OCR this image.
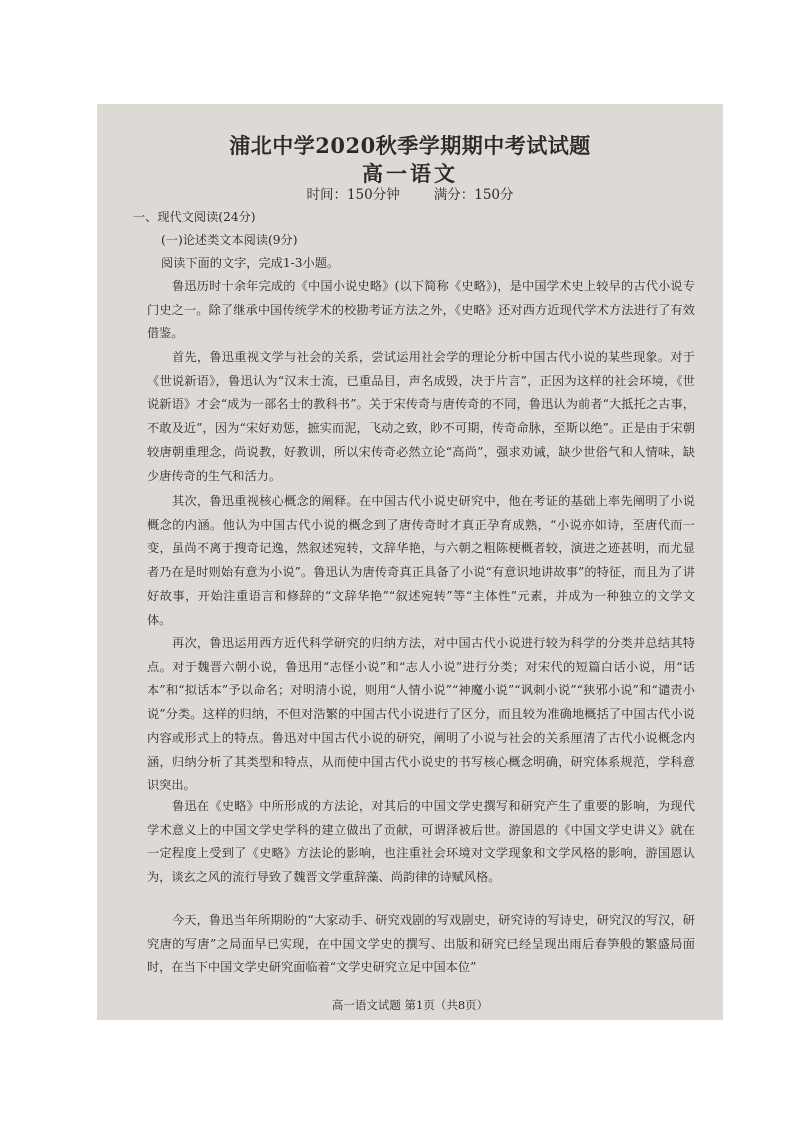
浦北中学2020秋季学期期中考试试题
高一语文
时间：150分钟	满分：150分
一、现代文阅读(24分)
(一)论述类文本阅读(9分)
阅读下面的文字，完成1-3小题。

鲁迅历时十余年完成的《中国小说史略》(以下简称《史略》)，是中国学术史上较早的古代小说专门史之一。除了继承中国传统学术的校勘考证方法之外，《史略》还对西方近现代学术方法进行了有效借鉴。

首先，鲁迅重视文学与社会的关系，尝试运用社会学的理论分析中国古代小说的某些现象。对于《世说新语》，鲁迅认为“汉末士流，已重品目，声名成毁，决于片言”，正因为这样的社会环境，《世说新语》才会“成为一部名士的教科书”。关于宋传奇与唐传奇的不同，鲁迅认为前者“大抵托之古事，不敢及近”，因为“宋好劝惩，摭实而泥，飞动之致，眇不可期，传奇命脉，至斯以绝”。正是由于宋朝较唐朝重理念，尚说教，好教训，所以宋传奇必然立论“高尚”，强求劝诫，缺少世俗气和人情味，缺少唐传奇的生气和活力。

其次，鲁迅重视核心概念的阐释。在中国古代小说史研究中，他在考证的基础上率先阐明了小说概念的内涵。他认为中国古代小说的概念到了唐传奇时才真正孕育成熟，“小说亦如诗，至唐代而一变，虽尚不离于搜奇记逸，然叙述宛转，文辞华艳，与六朝之粗陈梗概者较，演进之迹甚明，而尤显者乃在是时则始有意为小说”。鲁迅认为唐传奇真正具备了小说“有意识地讲故事”的特征，而且为了讲好故事，开始注重语言和修辞的“文辞华艳”“叙述宛转”等“主体性”元素，并成为一种独立的文学文体。

再次，鲁迅运用西方近代科学研究的归纳方法，对中国古代小说进行较为科学的分类并总结其特点。对于魏晋六朝小说，鲁迅用“志怪小说”和“志人小说”进行分类；对宋代的短篇白话小说，用“话本”和“拟话本”予以命名；对明清小说，则用“人情小说”“神魔小说”“讽刺小说”“狭邪小说”和“谴责小说”分类。这样的归纳，不但对浩繁的中国古代小说进行了区分，而且较为准确地概括了中国古代小说内容或形式上的特点。鲁迅对中国古代小说的研究，阐明了小说与社会的关系厘清了古代小说概念内涵，归纳分析了其类型和特点，从而使中国古代小说史的书写核心概念明确，研究体系规范，学科意识突出。

鲁迅在《史略》中所形成的方法论，对其后的中国文学史撰写和研究产生了重要的影响，为现代学术意义上的中国文学史学科的建立做出了贡献，可谓泽被后世。游国恩的《中国文学史讲义》就在一定程度上受到了《史略》方法论的影响，也注重社会环境对文学现象和文学风格的影响，游国恩认为，谈玄之风的流行导致了魏晋文学重辞藻、尚韵律的诗赋风格。

今天，鲁迅当年所期盼的“大家动手、研究戏剧的写戏剧史，研究诗的写诗史，研究汉的写汉，研究唐的写唐”之局面早已实现，在中国文学史的撰写、出版和研究已经呈现出雨后春笋般的繁盛局面时，在当下中国文学史研究面临着“文学史研究立足中国本位”

高一语文试题 第1页（共8页）
